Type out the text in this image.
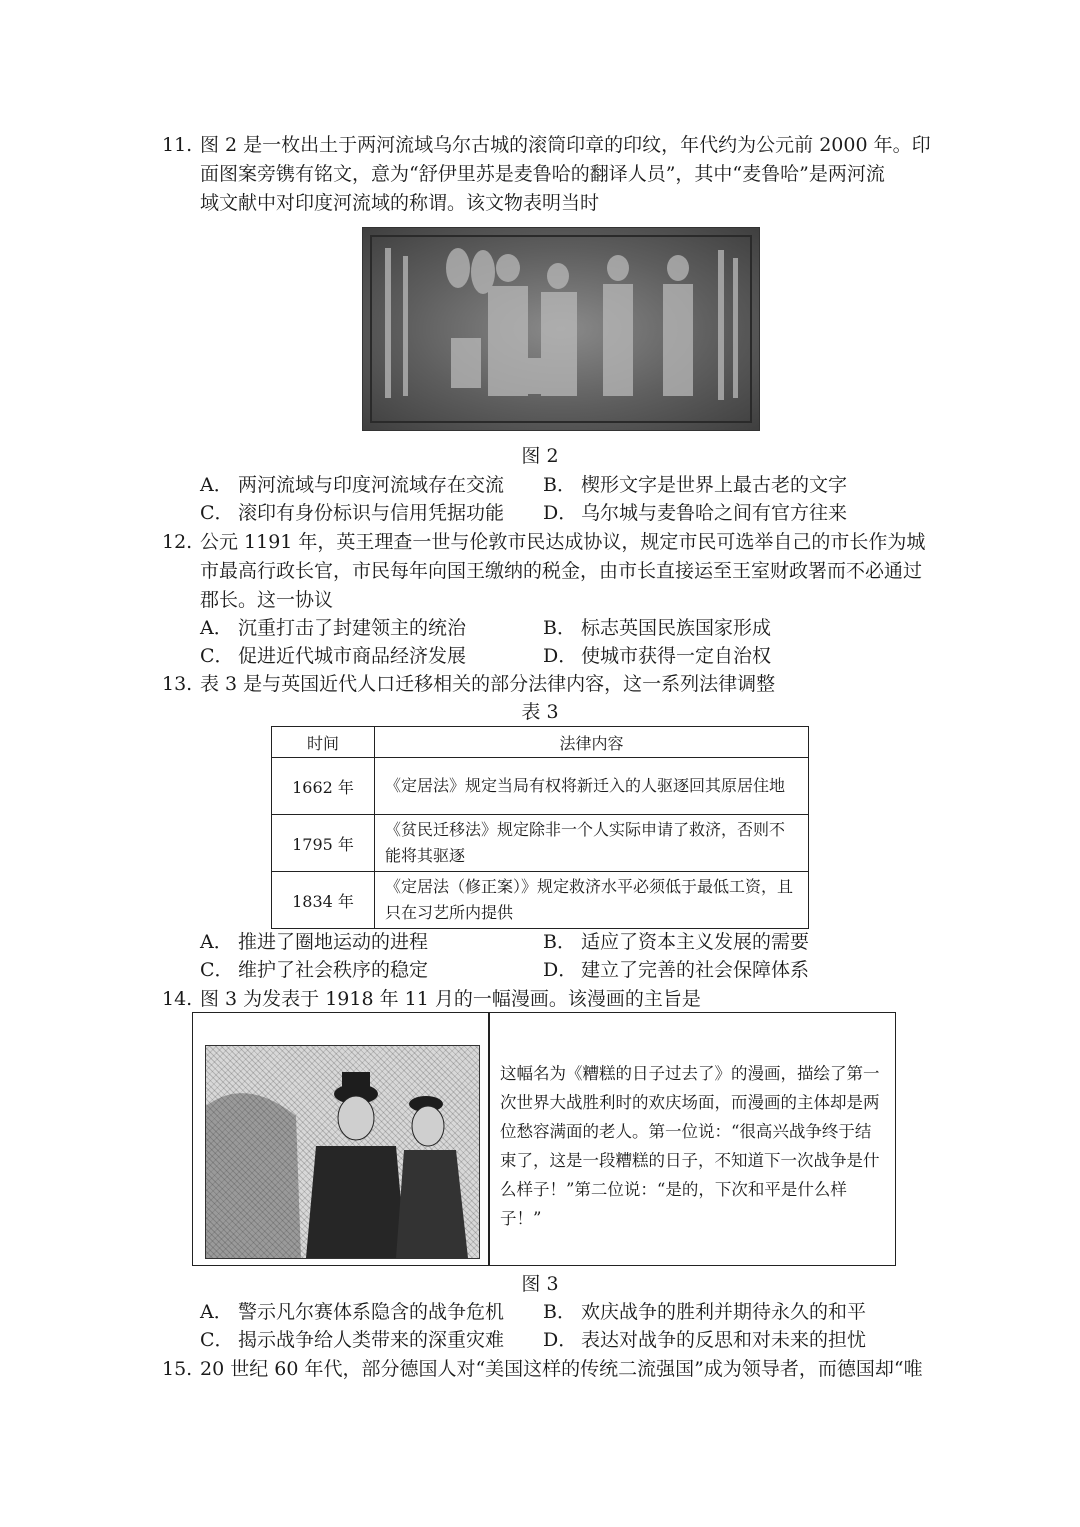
11. 图 2 是一枚出土于两河流域乌尔古城的滚筒印章的印纹，年代约为公元前 2000 年。印
面图案旁镌有铭文，意为“舒伊里苏是麦鲁哈的翻译人员”，其中“麦鲁哈”是两河流
域文献中对印度河流域的称谓。该文物表明当时
图 2
A． 两河流域与印度河流域存在交流 B． 楔形文字是世界上最古老的文字
C． 滚印有身份标识与信用凭据功能 D． 乌尔城与麦鲁哈之间有官方往来
12. 公元 1191 年，英王理查一世与伦敦市民达成协议，规定市民可选举自己的市长作为城
市最高行政长官，市民每年向国王缴纳的税金，由市长直接运至王室财政署而不必通过
郡长。这一协议
A． 沉重打击了封建领主的统治	B． 标志英国民族国家形成
C． 促进近代城市商品经济发展	D． 使城市获得一定自治权
13. 表 3 是与英国近代人口迁移相关的部分法律内容，这一系列法律调整
表 3
时间	法律内容
1662 年	《定居法》规定当局有权将新迁入的人驱逐回其原居住地
1795 年	《贫民迁移法》规定除非一个人实际申请了救济，否则不能将其驱逐
1834 年	《定居法（修正案）》规定救济水平必须低于最低工资，且只在习艺所内提供
A． 推进了圈地运动的进程	B． 适应了资本主义发展的需要
C． 维护了社会秩序的稳定	D． 建立了完善的社会保障体系
14. 图 3 为发表于 1918 年 11 月的一幅漫画。该漫画的主旨是
这幅名为《糟糕的日子过去了》的漫画，描绘了第一次世界大战胜利时的欢庆场面，而漫画的主体却是两位愁容满面的老人。第一位说：“很高兴战争终于结束了，这是一段糟糕的日子，不知道下一次战争是什么样子！”第二位说：“是的，下次和平是什么样子！”
图 3
A． 警示凡尔赛体系隐含的战争危机 B． 欢庆战争的胜利并期待永久的和平
C． 揭示战争给人类带来的深重灾难 D． 表达对战争的反思和对未来的担忧
15. 20 世纪 60 年代，部分德国人对“美国这样的传统二流强国”成为领导者，而德国却“唯
